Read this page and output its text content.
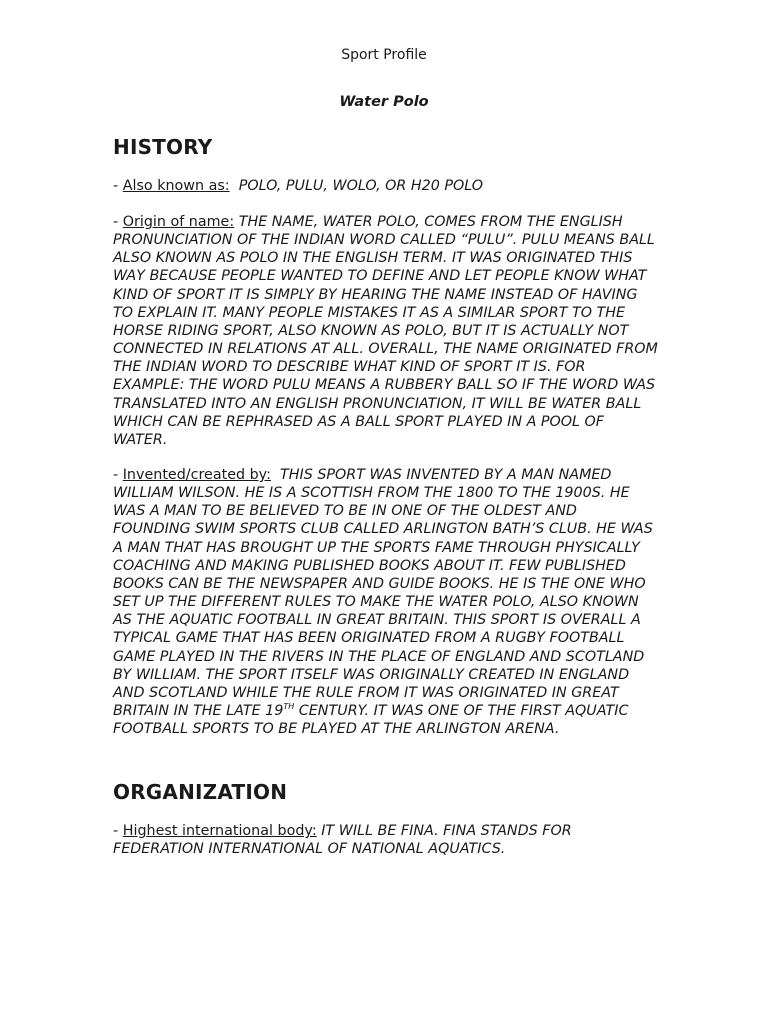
Sport Profile
Water Polo
HISTORY

- Also known as: POLO, PULU, WOLO, OR H20 POLO

- Origin of name: THE NAME, WATER POLO, COMES FROM THE ENGLISH PRONUNCIATION OF THE INDIAN WORD CALLED “PULU”. PULU MEANS BALL ALSO KNOWN AS POLO IN THE ENGLISH TERM. IT WAS ORIGINATED THIS WAY BECAUSE PEOPLE WANTED TO DEFINE AND LET PEOPLE KNOW WHAT KIND OF SPORT IT IS SIMPLY BY HEARING THE NAME INSTEAD OF HAVING TO EXPLAIN IT. MANY PEOPLE MISTAKES IT AS A SIMILAR SPORT TO THE HORSE RIDING SPORT, ALSO KNOWN AS POLO, BUT IT IS ACTUALLY NOT CONNECTED IN RELATIONS AT ALL. OVERALL, THE NAME ORIGINATED FROM THE INDIAN WORD TO DESCRIBE WHAT KIND OF SPORT IT IS. FOR EXAMPLE: THE WORD PULU MEANS A RUBBERY BALL SO IF THE WORD WAS TRANSLATED INTO AN ENGLISH PRONUNCIATION, IT WILL BE WATER BALL WHICH CAN BE REPHRASED AS A BALL SPORT PLAYED IN A POOL OF WATER.

- Invented/created by: THIS SPORT WAS INVENTED BY A MAN NAMED WILLIAM WILSON. HE IS A SCOTTISH FROM THE 1800 TO THE 1900S. HE WAS A MAN TO BE BELIEVED TO BE IN ONE OF THE OLDEST AND FOUNDING SWIM SPORTS CLUB CALLED ARLINGTON BATH’S CLUB. HE WAS A MAN THAT HAS BROUGHT UP THE SPORTS FAME THROUGH PHYSICALLY COACHING AND MAKING PUBLISHED BOOKS ABOUT IT. FEW PUBLISHED BOOKS CAN BE THE NEWSPAPER AND GUIDE BOOKS. HE IS THE ONE WHO SET UP THE DIFFERENT RULES TO MAKE THE WATER POLO, ALSO KNOWN AS THE AQUATIC FOOTBALL IN GREAT BRITAIN. THIS SPORT IS OVERALL A TYPICAL GAME THAT HAS BEEN ORIGINATED FROM A RUGBY FOOTBALL GAME PLAYED IN THE RIVERS IN THE PLACE OF ENGLAND AND SCOTLAND BY WILLIAM. THE SPORT ITSELF WAS ORIGINALLY CREATED IN ENGLAND AND SCOTLAND WHILE THE RULE FROM IT WAS ORIGINATED IN GREAT BRITAIN IN THE LATE 19TH CENTURY. IT WAS ONE OF THE FIRST AQUATIC FOOTBALL SPORTS TO BE PLAYED AT THE ARLINGTON ARENA.

ORGANIZATION

- Highest international body: IT WILL BE FINA. FINA STANDS FOR FEDERATION INTERNATIONAL OF NATIONAL AQUATICS.
